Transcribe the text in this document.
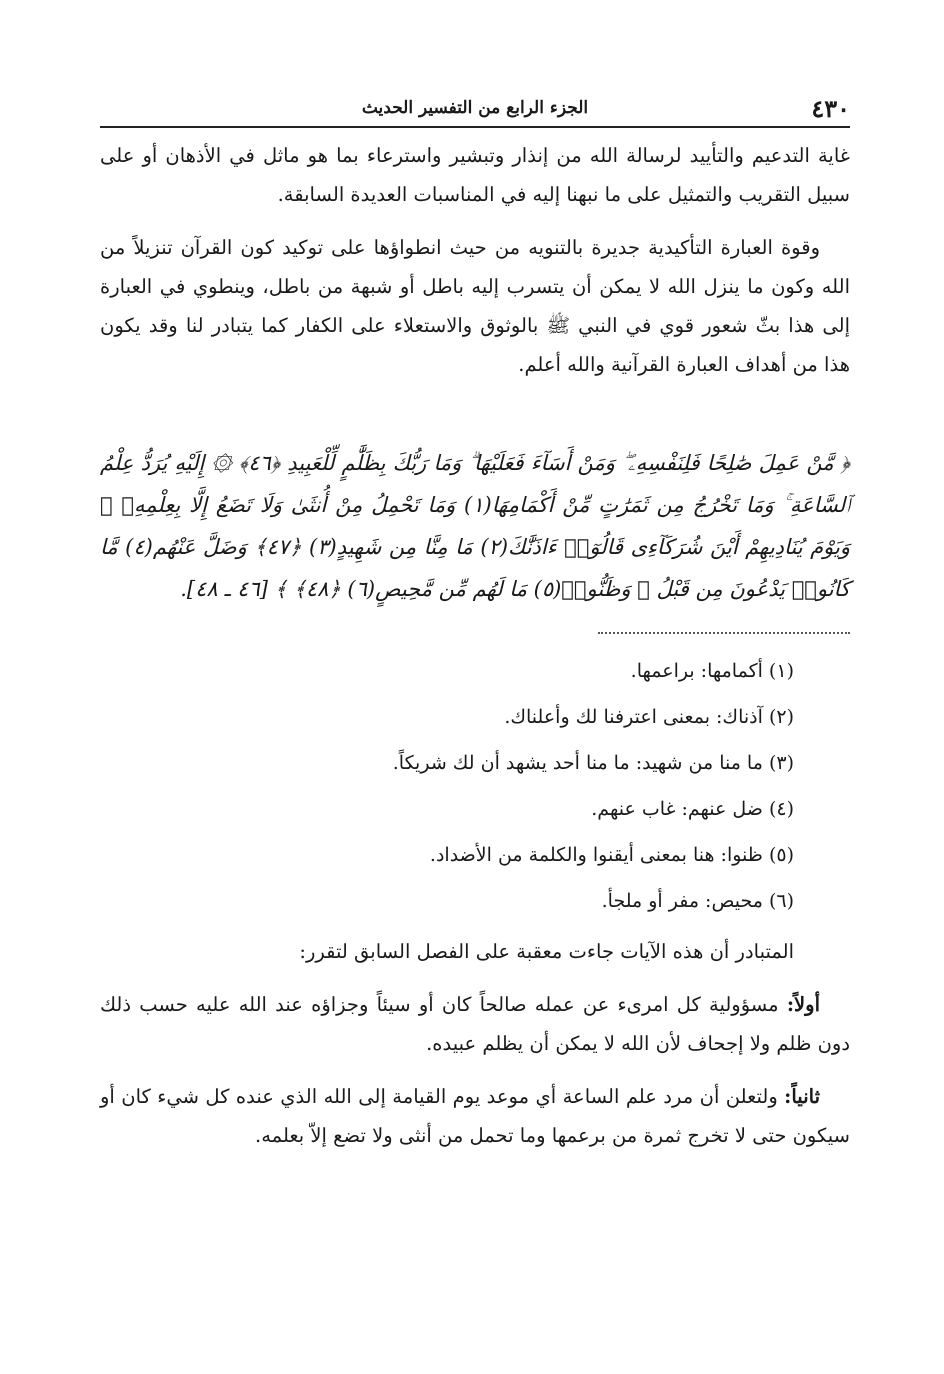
٤٣٠
الجزء الرابع من التفسير الحديث

غاية التدعيم والتأييد لرسالة الله من إنذار وتبشير واسترعاء بما هو ماثل في الأذهان أو على سبيل التقريب والتمثيل على ما نبهنا إليه في المناسبات العديدة السابقة.

وقوة العبارة التأكيدية جديرة بالتنويه من حيث انطواؤها على توكيد كون القرآن تنزيلاً من الله وكون ما ينزل الله لا يمكن أن يتسرب إليه باطل أو شبهة من باطل، وينطوي في العبارة إلى هذا بثّ شعور قوي في النبي ﷺ بالوثوق والاستعلاء على الكفار كما يتبادر لنا وقد يكون هذا من أهداف العبارة القرآنية والله أعلم.

﴿ مَّنْ عَمِلَ صَٰلِحًا فَلِنَفْسِهِۦ ۖ وَمَنْ أَسَآءَ فَعَلَيْهَا ۗ وَمَا رَبُّكَ بِظَلَّٰمٍ لِّلْعَبِيدِ ﴿٤٦﴾ ۞ إِلَيْهِ يُرَدُّ عِلْمُ ٱلسَّاعَةِ ۚ وَمَا تَخْرُجُ مِن ثَمَرَٰتٍ مِّنْ أَكْمَامِهَا(١) وَمَا تَحْمِلُ مِنْ أُنثَىٰ وَلَا تَضَعُ إِلَّا بِعِلْمِهِۦ ۚ وَيَوْمَ يُنَادِيهِمْ أَيْنَ شُرَكَآءِى قَالُوٓا۟ ءَاذَنَّٰكَ(٢) مَا مِنَّا مِن شَهِيدٍ(٣) ﴿٤٧﴾ وَضَلَّ عَنْهُم(٤) مَّا كَانُوا۟ يَدْعُونَ مِن قَبْلُ ۖ وَظَنُّوا۟(٥) مَا لَهُم مِّن مَّحِيصٍ(٦) ﴿٤٨﴾ ﴾ [٤٦ ـ ٤٨].

(١) أكمامها: براعمها.
(٢) آذناك: بمعنى اعترفنا لك وأعلناك.
(٣) ما منا من شهيد: ما منا أحد يشهد أن لك شريكاً.
(٤) ضل عنهم: غاب عنهم.
(٥) ظنوا: هنا بمعنى أيقنوا والكلمة من الأضداد.
(٦) محيص: مفر أو ملجأ.

المتبادر أن هذه الآيات جاءت معقبة على الفصل السابق لتقرر:

أولاً: مسؤولية كل امرىء عن عمله صالحاً كان أو سيئاً وجزاؤه عند الله عليه حسب ذلك دون ظلم ولا إجحاف لأن الله لا يمكن أن يظلم عبيده.

ثانياً: ولتعلن أن مرد علم الساعة أي موعد يوم القيامة إلى الله الذي عنده كل شيء كان أو سيكون حتى لا تخرج ثمرة من برعمها وما تحمل من أنثى ولا تضع إلاّ بعلمه.
